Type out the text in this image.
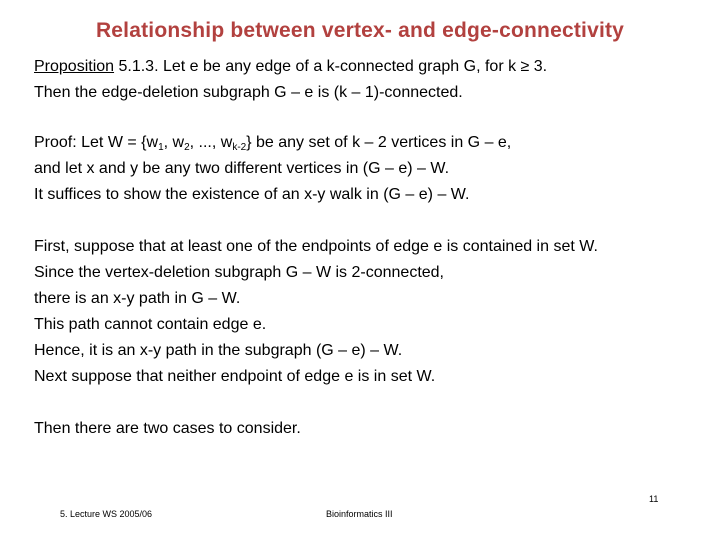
Relationship between vertex- and edge-connectivity
Proposition 5.1.3. Let e be any edge of a k-connected graph G, for k ≥ 3.
Then the edge-deletion subgraph G – e is (k – 1)-connected.
Proof: Let $W = \{w_1$, $w_2$, ..., $w_{k-2}$} be any set of k – 2 vertices in G – e,
and let x and y be any two different vertices in (G – e) – W.
It suffices to show the existence of an x-y walk in (G – e) – W.
First, suppose that at least one of the endpoints of edge e is contained in set W.
Since the vertex-deletion subgraph G – W is 2-connected,
there is an x-y path in G – W.
This path cannot contain edge e.
Hence, it is an x-y path in the subgraph (G – e) – W.
Next suppose that neither endpoint of edge e is in set W.
Then there are two cases to consider.
11
5. Lecture WS 2005/06	Bioinformatics III
